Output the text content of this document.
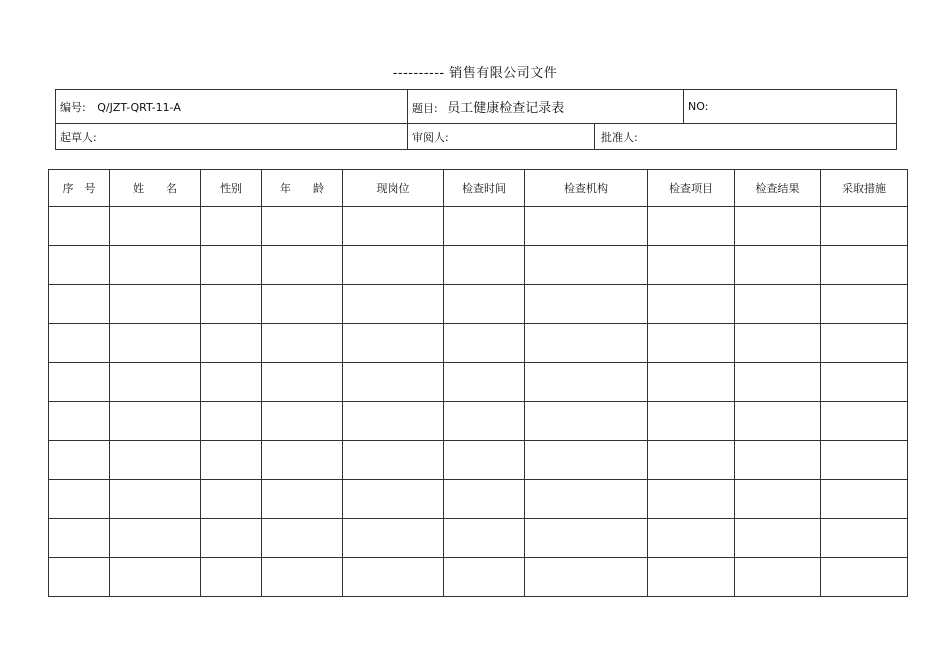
---------- 销售有限公司文件
编号: Q/JZT-QRT-11-A	题目: 员工健康检查记录表	NO:
起草人:	审阅人: 批准人:	
序　号	姓　　名	性别	年　　龄	现岗位	检查时间	检查机构	检查项目	检查结果	采取措施
